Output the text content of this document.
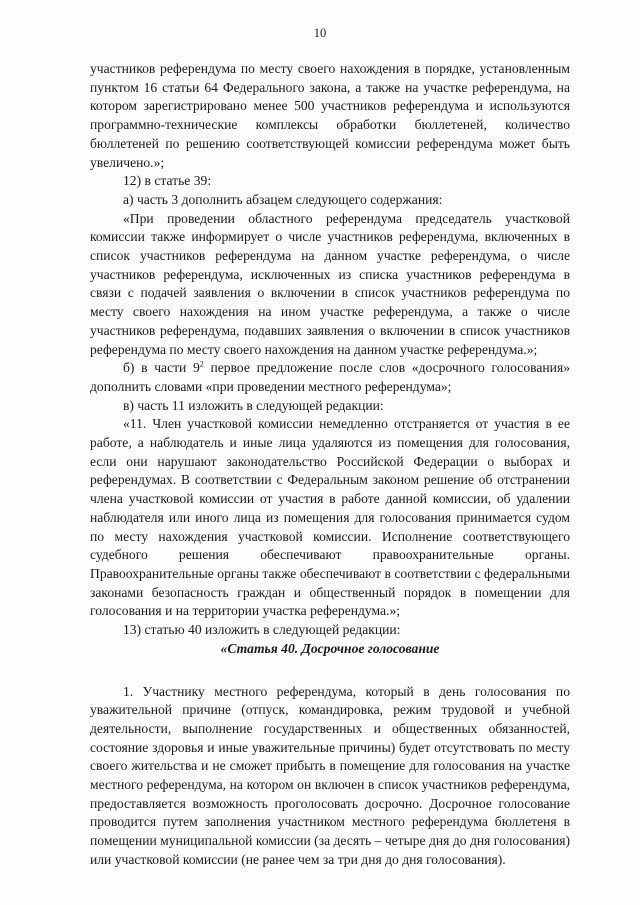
10

участников референдума по месту своего нахождения в порядке, установленным пунктом 16 статьи 64 Федерального закона, а также на участке референдума, на котором зарегистрировано менее 500 участников референдума и используются программно-технические комплексы обработки бюллетеней, количество бюллетеней по решению соответствующей комиссии референдума может быть увеличено.»;

12) в статье 39:

а) часть 3 дополнить абзацем следующего содержания:

«При проведении областного референдума председатель участковой комиссии также информирует о числе участников референдума, включенных в список участников референдума на данном участке референдума, о числе участников референдума, исключенных из списка участников референдума в связи с подачей заявления о включении в список участников референдума по месту своего нахождения на ином участке референдума, а также о числе участников референдума, подавших заявления о включении в список участников референдума по месту своего нахождения на данном участке референдума.»;

б) в части $9^2$ первое предложение после слов «досрочного голосования» дополнить словами «при проведении местного референдума»;

в) часть 11 изложить в следующей редакции:

«11. Член участковой комиссии немедленно отстраняется от участия в ее работе, а наблюдатель и иные лица удаляются из помещения для голосования, если они нарушают законодательство Российской Федерации о выборах и референдумах. В соответствии с Федеральным законом решение об отстранении члена участковой комиссии от участия в работе данной комиссии, об удалении наблюдателя или иного лица из помещения для голосования принимается судом по месту нахождения участковой комиссии. Исполнение соответствующего судебного решения обеспечивают правоохранительные органы. Правоохранительные органы также обеспечивают в соответствии с федеральными законами безопасность граждан и общественный порядок в помещении для голосования и на территории участка референдума.»;

13) статью 40 изложить в следующей редакции:

«Статья 40. Досрочное голосование

1. Участнику местного референдума, который в день голосования по уважительной причине (отпуск, командировка, режим трудовой и учебной деятельности, выполнение государственных и общественных обязанностей, состояние здоровья и иные уважительные причины) будет отсутствовать по месту своего жительства и не сможет прибыть в помещение для голосования на участке местного референдума, на котором он включен в список участников референдума, предоставляется возможность проголосовать досрочно. Досрочное голосование проводится путем заполнения участником местного референдума бюллетеня в помещении муниципальной комиссии (за десять – четыре дня до дня голосования) или участковой комиссии (не ранее чем за три дня до дня голосования).
